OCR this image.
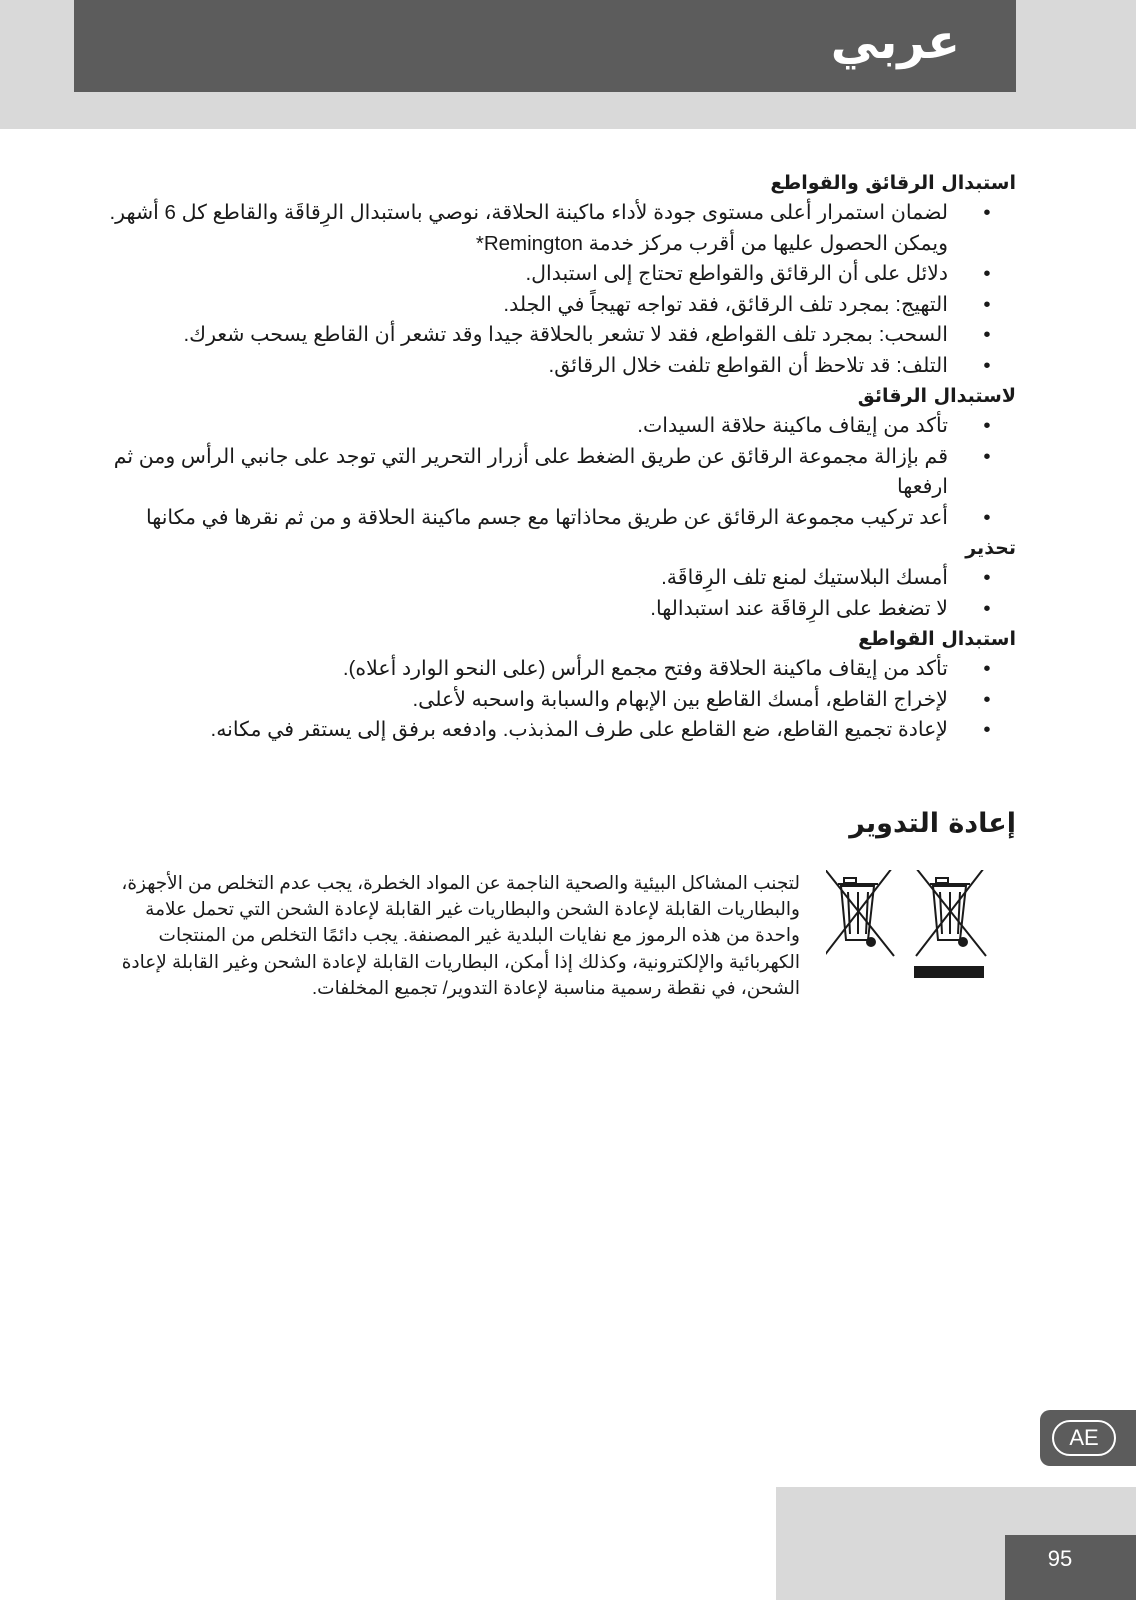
عربي
استبدال الرقائق والقواطع
•
لضمان استمرار أعلى مستوى جودة لأداء ماكينة الحلاقة، نوصي باستبدال الرِقاقَة والقاطع كل 6 أشهر. ويمكن الحصول عليها من أقرب مركز خدمة Remington*
•
دلائل على أن الرقائق والقواطع تحتاج إلى استبدال.
•
التهيج: بمجرد تلف الرقائق، فقد تواجه تهيجاً في الجلد.
•
السحب: بمجرد تلف القواطع، فقد لا تشعر بالحلاقة جيدا وقد تشعر أن القاطع يسحب شعرك.
•
التلف: قد تلاحظ أن القواطع تلفت خلال الرقائق.
لاستبدال الرقائق
•
تأكد من إيقاف ماكينة حلاقة السيدات.
•
قم بإزالة مجموعة الرقائق عن طريق الضغط على أزرار التحرير التي توجد على جانبي الرأس ومن ثم ارفعها
•
أعد تركيب مجموعة الرقائق عن طريق محاذاتها مع جسم ماكينة الحلاقة و من ثم نقرها في مكانها
تحذير
•
أمسك البلاستيك لمنع تلف الرِقاقَة.
•
لا تضغط على الرِقاقَة عند استبدالها.
استبدال القواطع
•
تأكد من إيقاف ماكينة الحلاقة وفتح مجمع الرأس (على النحو الوارد أعلاه).
•
لإخراج القاطع، أمسك القاطع بين الإبهام والسبابة واسحبه لأعلى.
•
لإعادة تجميع القاطع، ضع القاطع على طرف المذبذب. وادفعه برفق إلى يستقر في مكانه.
إعادة التدوير
لتجنب المشاكل البيئية والصحية الناجمة عن المواد الخطرة، يجب عدم التخلص من الأجهزة، والبطاريات القابلة لإعادة الشحن والبطاريات غير القابلة لإعادة الشحن التي تحمل علامة واحدة من هذه الرموز مع نفايات البلدية غير المصنفة. يجب دائمًا التخلص من المنتجات الكهربائية والإلكترونية، وكذلك إذا أمكن، البطاريات القابلة لإعادة الشحن وغير القابلة لإعادة الشحن، في نقطة رسمية مناسبة لإعادة التدوير/ تجميع المخلفات.
AE
95
